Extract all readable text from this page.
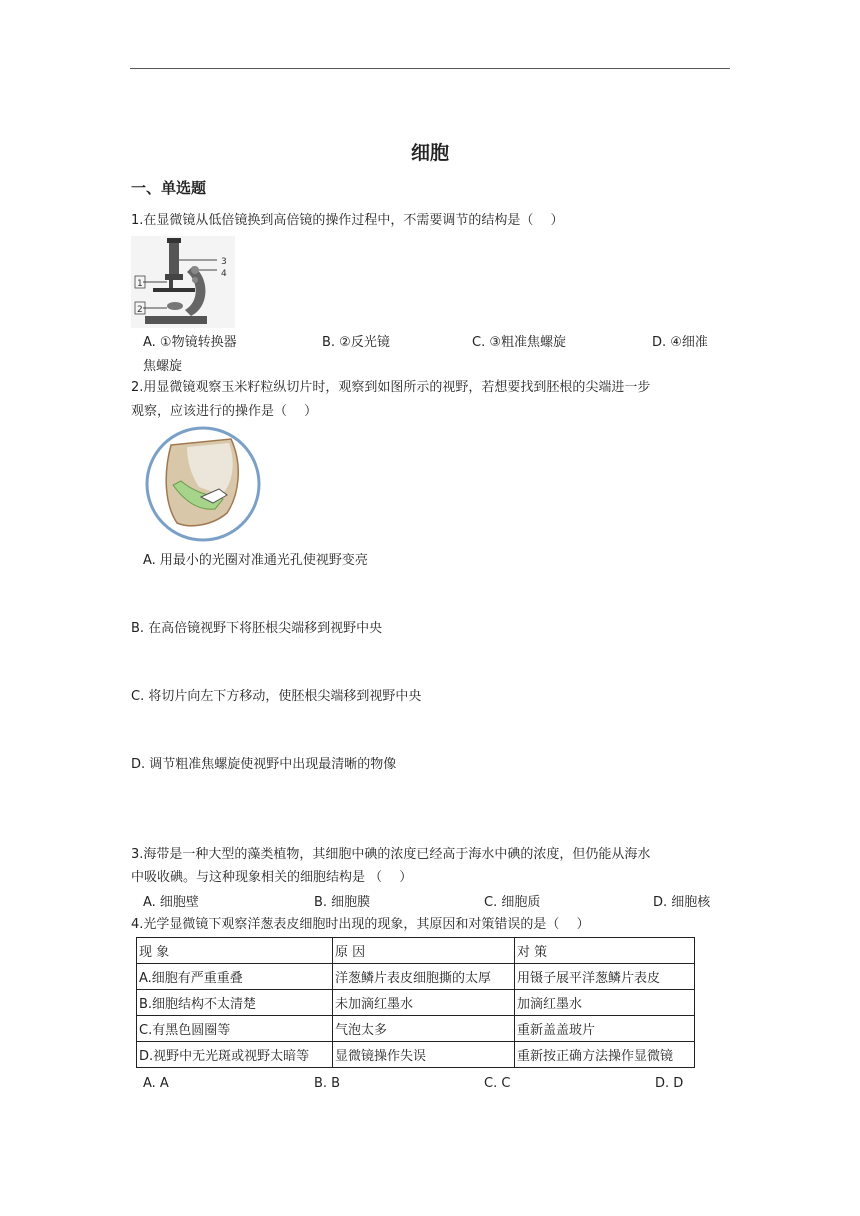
细胞
一、单选题
1.在显微镜从低倍镜换到高倍镜的操作过程中，不需要调节的结构是（　 ）
3
4
1
2
A. ①物镜转换器	B. ②反光镜	C. ③粗准焦螺旋	D. ④细准
焦螺旋
2.用显微镜观察玉米籽粒纵切片时，观察到如图所示的视野，若想要找到胚根的尖端进一步
观察，应该进行的操作是（　 ）
A. 用最小的光圈对准通光孔使视野变亮
B. 在高倍镜视野下将胚根尖端移到视野中央
C. 将切片向左下方移动，使胚根尖端移到视野中央
D. 调节粗准焦螺旋使视野中出现最清晰的物像
3.海带是一种大型的藻类植物，其细胞中碘的浓度已经高于海水中碘的浓度，但仍能从海水
中吸收碘。与这种现象相关的细胞结构是 （　 ）
A. 细胞壁	B. 细胞膜	C. 细胞质	D. 细胞核
4.光学显微镜下观察洋葱表皮细胞时出现的现象，其原因和对策错误的是（　 ）
现 象	原 因	对 策
A.细胞有严重重叠	洋葱鳞片表皮细胞撕的太厚	用镊子展平洋葱鳞片表皮
B.细胞结构不太清楚	未加滴红墨水	加滴红墨水
C.有黑色圆圈等	气泡太多	重新盖盖玻片
D.视野中无光斑或视野太暗等	显微镜操作失误	重新按正确方法操作显微镜
A. A	B. B	C. C	D. D
